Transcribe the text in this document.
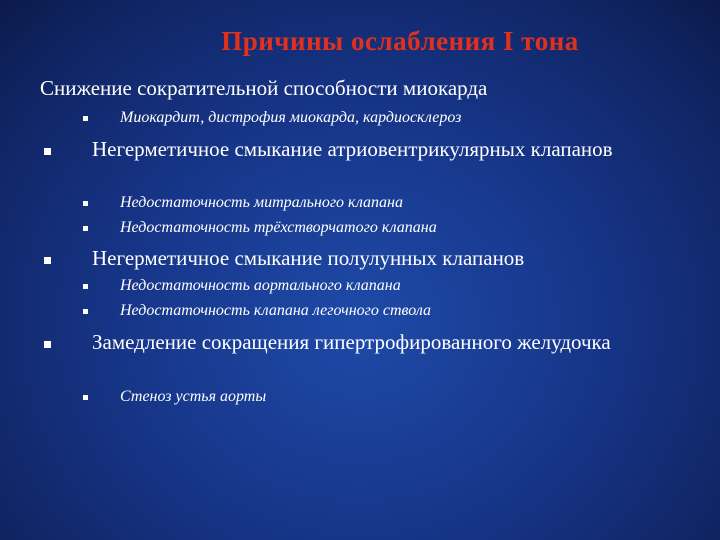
Причины ослабления I тона

Снижение сократительной способности миокарда

Миокардит, дистрофия миокарда, кардиосклероз
Негерметичное смыкание атриовентрикулярных клапанов
Недостаточность митрального клапана
Недостаточность трёхстворчатого клапана
Негерметичное смыкание полулунных клапанов
Недостаточность аортального клапана
Недостаточность клапана легочного ствола
Замедление сокращения гипертрофированного желудочка
Стеноз устья аорты
